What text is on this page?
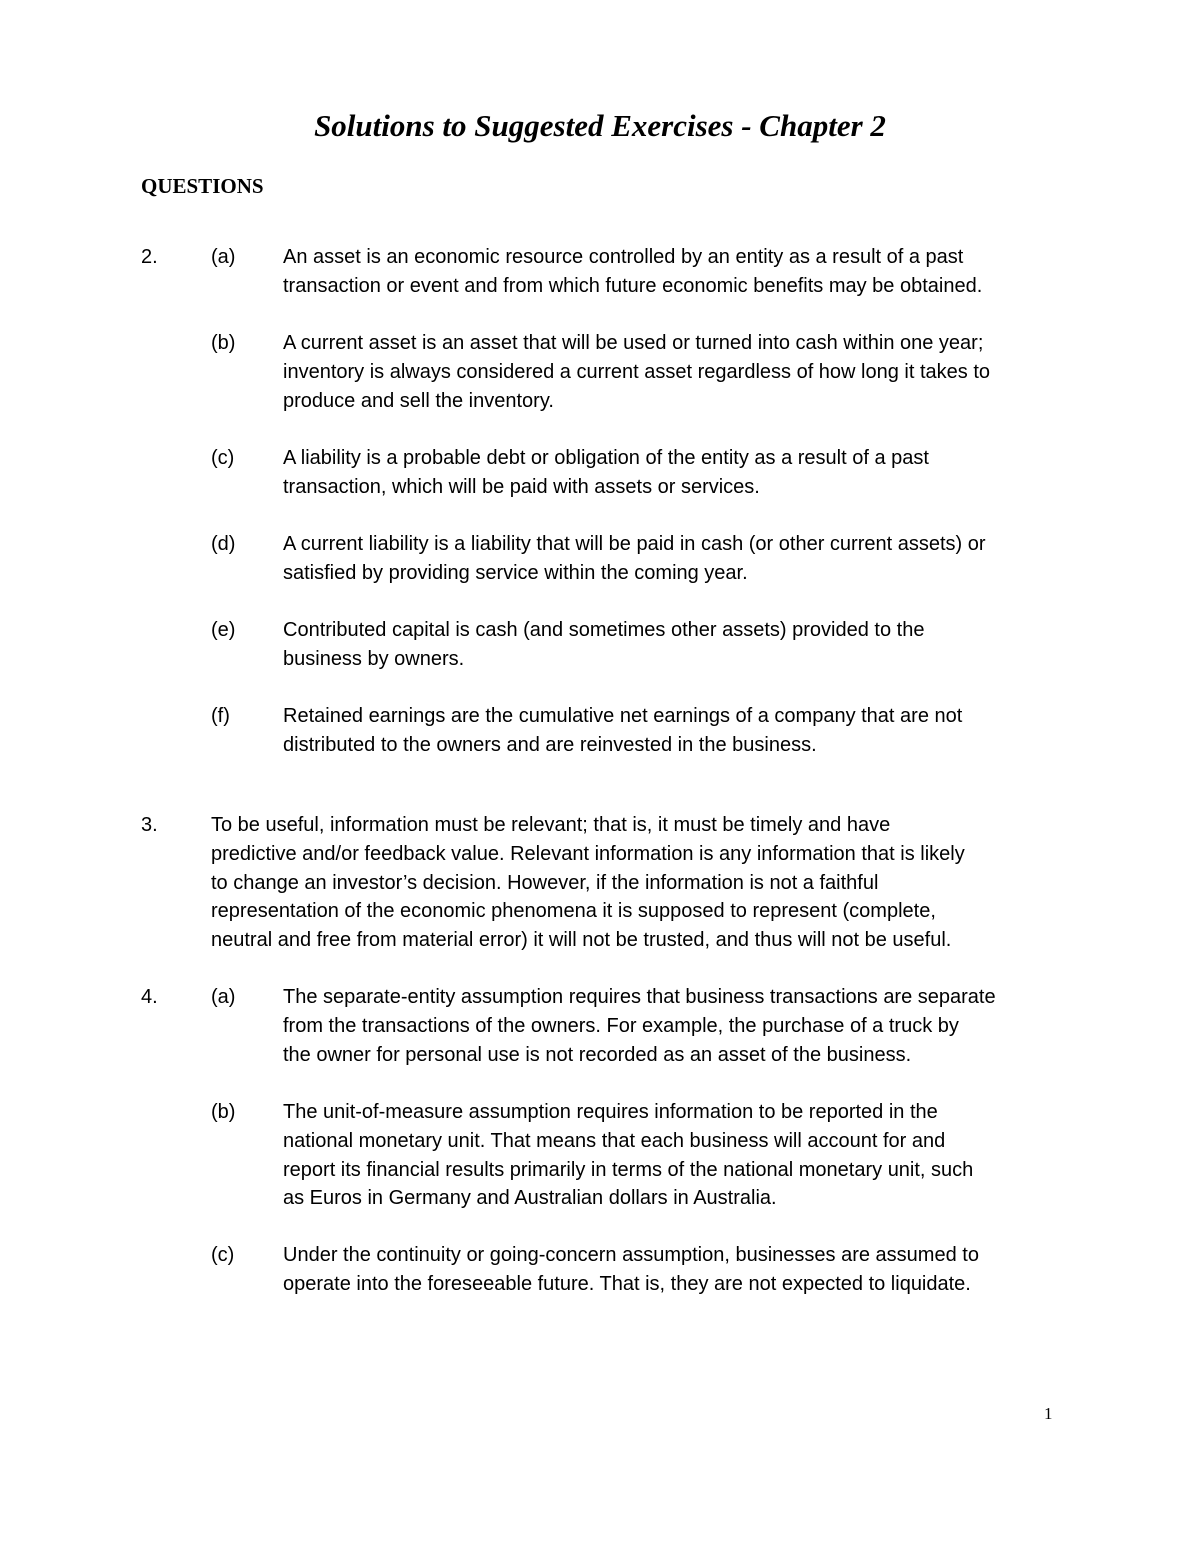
Solutions to Suggested Exercises - Chapter 2
QUESTIONS
2.	(a) An asset is an economic resource controlled by an entity as a result of a past
transaction or event and from which future economic benefits may be obtained.

(b) A current asset is an asset that will be used or turned into cash within one year;
inventory is always considered a current asset regardless of how long it takes to
produce and sell the inventory.

(c) A liability is a probable debt or obligation of the entity as a result of a past
transaction, which will be paid with assets or services.

(d) A current liability is a liability that will be paid in cash (or other current assets) or
satisfied by providing service within the coming year.

(e) Contributed capital is cash (and sometimes other assets) provided to the
business by owners.

(f)	Retained earnings are the cumulative net earnings of a company that are not
distributed to the owners and are reinvested in the business.

3.	To be useful, information must be relevant; that is, it must be timely and have
predictive and/or feedback value. Relevant information is any information that is likely
to change an investor’s decision. However, if the information is not a faithful
representation of the economic phenomena it is supposed to represent (complete,
neutral and free from material error) it will not be trusted, and thus will not be useful.

4.	(a) The separate-entity assumption requires that business transactions are separate
from the transactions of the owners. For example, the purchase of a truck by
the owner for personal use is not recorded as an asset of the business.

(b) The unit-of-measure assumption requires information to be reported in the
national monetary unit. That means that each business will account for and
report its financial results primarily in terms of the national monetary unit, such
as Euros in Germany and Australian dollars in Australia.

(c) Under the continuity or going-concern assumption, businesses are assumed to
operate into the foreseeable future. That is, they are not expected to liquidate.

1
